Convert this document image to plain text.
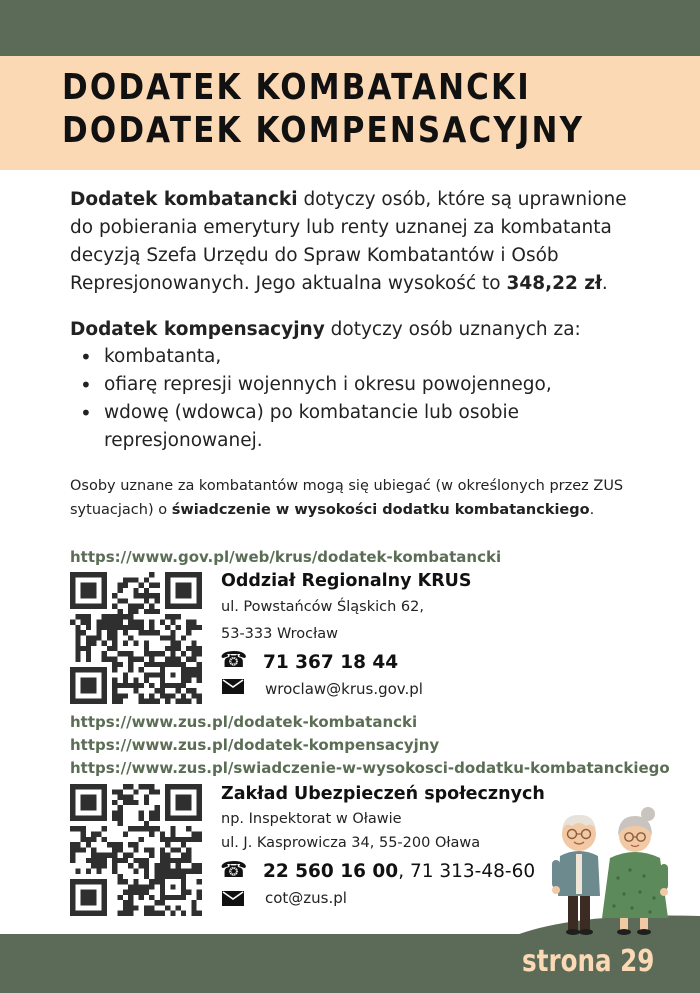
DODATEK KOMBATANCKI
DODATEK KOMPENSACYJNY

Dodatek kombatancki dotyczy osób, które są uprawnione do pobierania emerytury lub renty uznanej za kombatanta decyzją Szefa Urzędu do Spraw Kombatantów i Osób Represjonowanych. Jego aktualna wysokość to 348,22 zł.

Dodatek kompensacyjny dotyczy osób uznanych za:

• kombatanta,
• ofiarę represji wojennych i okresu powojennego,
• wdowę (wdowca) po kombatancie lub osobie represjonowanej.

Osoby uznane za kombatantów mogą się ubiegać (w określonych przez ZUS sytuacjach) o świadczenie w wysokości dodatku kombatanckiego.

https://www.gov.pl/web/krus/dodatek-kombatancki
Oddział Regionalny KRUS
ul. Powstańców Śląskich 62,
53-333 Wrocław
☎ 71 367 18 44
wroclaw@krus.gov.pl
https://www.zus.pl/dodatek-kombatancki
https://www.zus.pl/dodatek-kompensacyjny
https://www.zus.pl/swiadczenie-w-wysokosci-dodatku-kombatanckiego
Zakład Ubezpieczeń społecznych
np. Inspektorat w Oławie
ul. J. Kasprowicza 34, 55-200 Oława
☎ 22 560 16 00, 71 313-48-60
cot@zus.pl
strona 29
